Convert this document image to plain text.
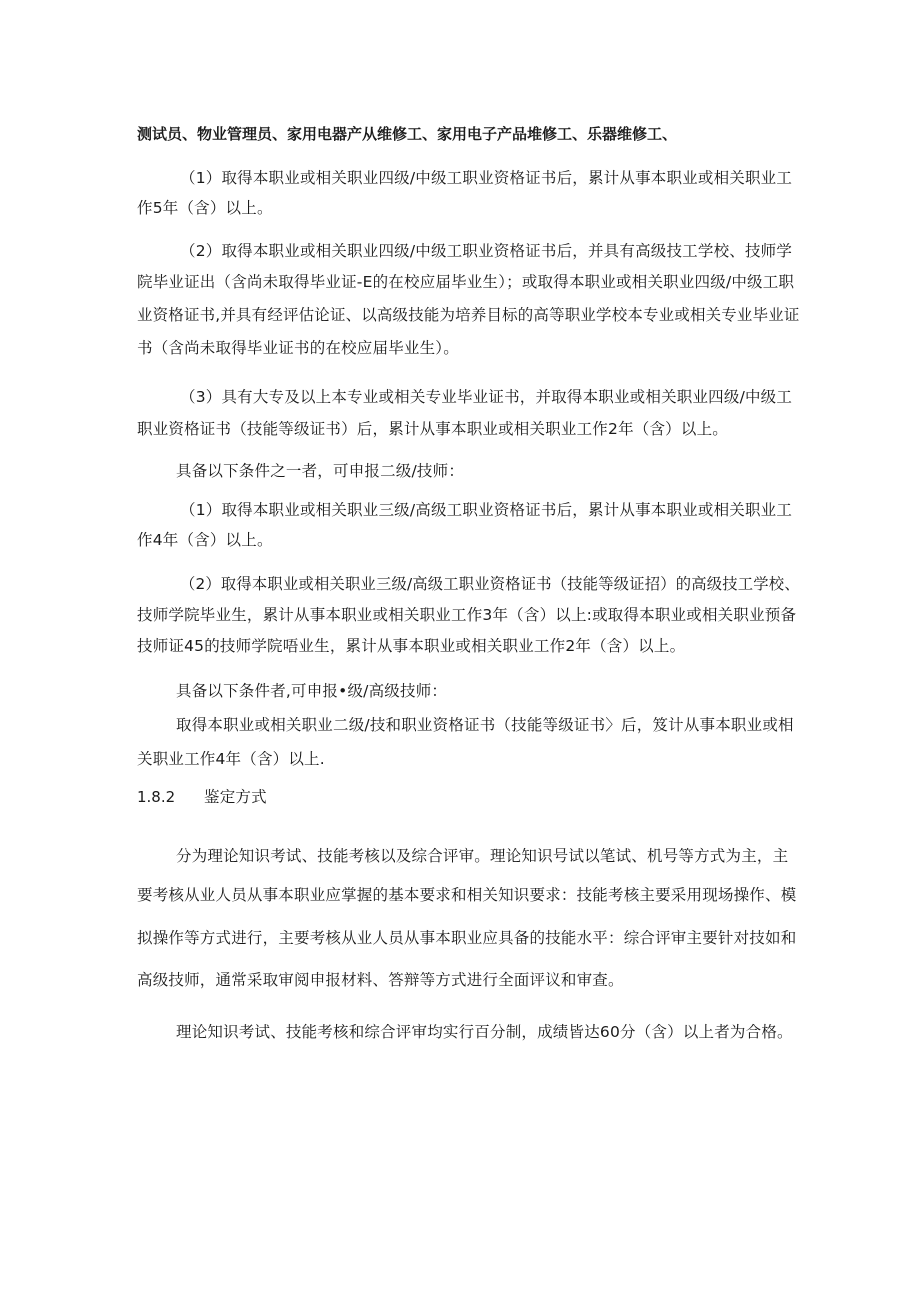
测试员、物业管理员、家用电器产从维修工、家用电子产品堆修工、乐器维修工、
（1）取得本职业或相关职业四级/中级工职业资格证书后，累计从事本职业或相关职业工
作5年（含）以上。
（2）取得本职业或相关职业四级/中级工职业资格证书后，并具有高级技工学校、技师学
院毕业证出（含尚未取得毕业证-E的在校应届毕业生）；或取得本职业或相关职业四级/中级工职
业资格证书,并具有经评估论证、以高级技能为培养目标的高等职业学校本专业或相关专业毕业证
书（含尚未取得毕业证书的在校应届毕业生）。
（3）具有大专及以上本专业或相关专业毕业证书，并取得本职业或相关职业四级/中级工
职业资格证书（技能等级证书）后，累计从事本职业或相关职业工作2年（含）以上。
具备以下条件之一者，可申报二级/技师：
（1）取得本职业或相关职业三级/高级工职业资格证书后，累计从事本职业或相关职业工
作4年（含）以上。
（2）取得本职业或相关职业三级/高级工职业资格证书（技能等级证招）的高级技工学校、
技师学院毕业生，累计从事本职业或相关职业工作3年（含）以上:或取得本职业或相关职业预备
技师证45的技师学院唔业生，累计从事本职业或相关职业工作2年（含）以上。
具备以下条件者,可申报•级/高级技师：
取得本职业或相关职业二级/技和职业资格证书（技能等级证书〉后，笈计从事本职业或相
关职业工作4年（含）以上.
1.8.2 鉴定方式
分为理论知识考试、技能考核以及综合评审。理论知识号试以笔试、机号等方式为主，主
要考核从业人员从事本职业应掌握的基本要求和相关知识要求：技能考核主要采用现场操作、模
拟操作等方式进行，主要考核从业人员从事本职业应具备的技能水平：综合评审主要针对技如和
高级技师，通常采取审阅申报材料、答辩等方式进行全面评议和审查。
理论知识考试、技能考核和综合评审均实行百分制，成绩皆达60分（含）以上者为合格。
